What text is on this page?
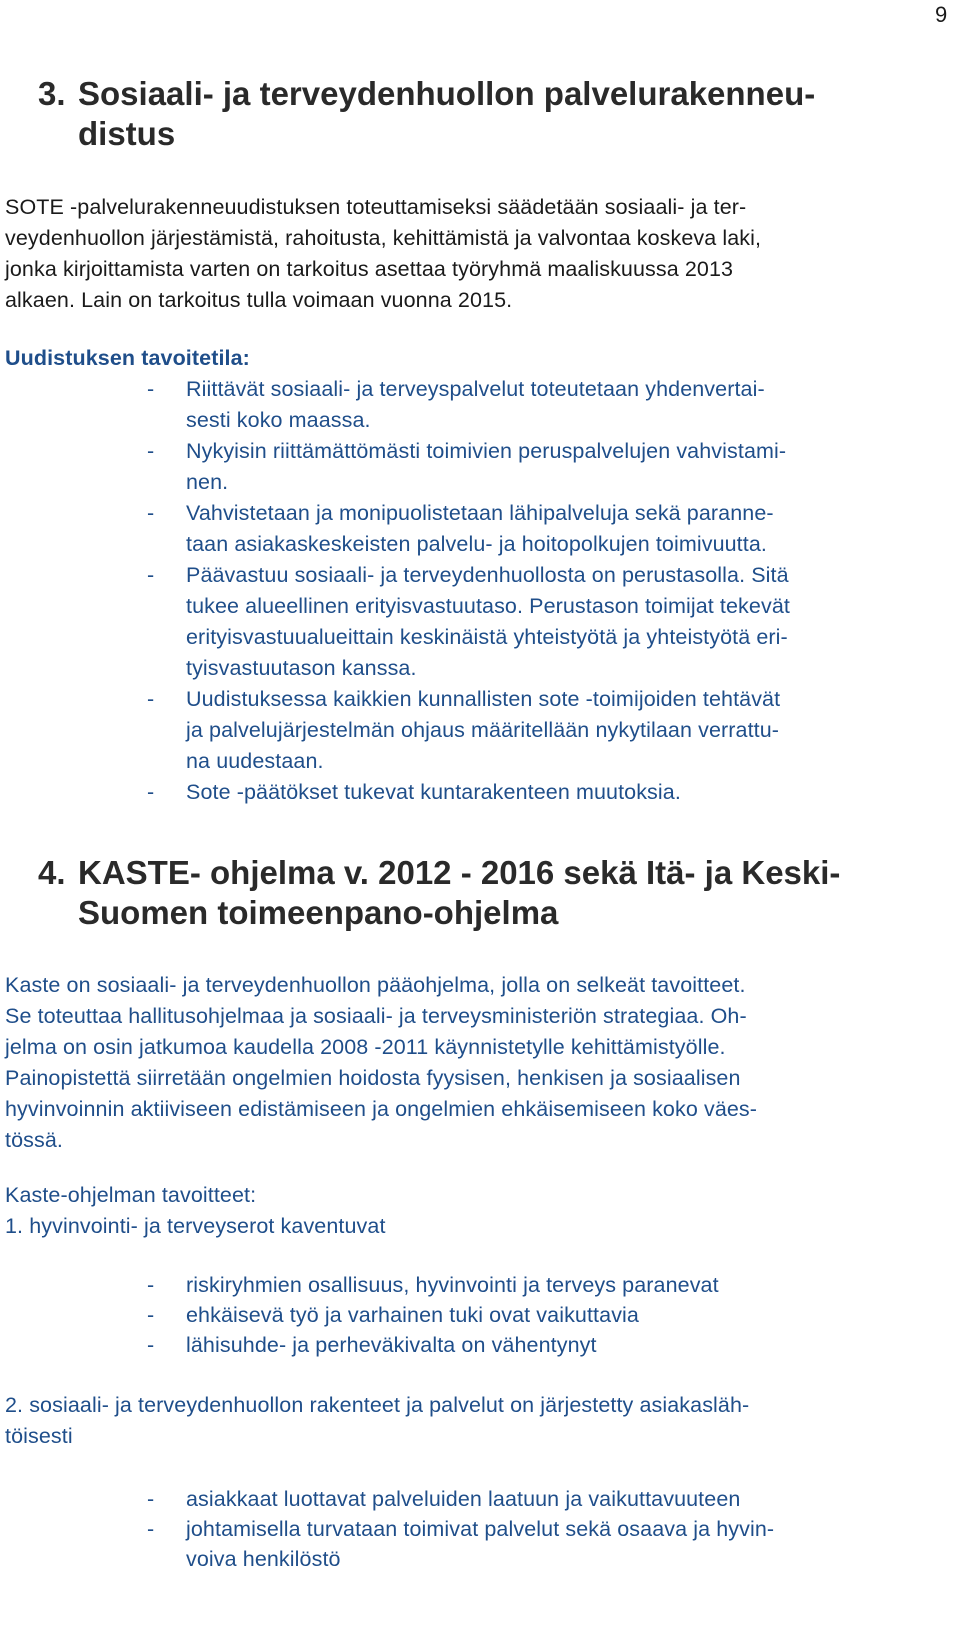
9
3. Sosiaali- ja terveydenhuollon palvelurakenneu-
distus
SOTE -palvelurakenneuudistuksen toteuttamiseksi säädetään sosiaali- ja ter-
veydenhuollon järjestämistä, rahoitusta, kehittämistä ja valvontaa koskeva laki,
jonka kirjoittamista varten on tarkoitus asettaa työryhmä maaliskuussa 2013
alkaen. Lain on tarkoitus tulla voimaan vuonna 2015.
Uudistuksen tavoitetila:
- Riittävät sosiaali- ja terveyspalvelut toteutetaan yhdenvertai-
sesti koko maassa.
- Nykyisin riittämättömästi toimivien peruspalvelujen vahvistami-
nen.
- Vahvistetaan ja monipuolistetaan lähipalveluja sekä paranne-
taan asiakaskeskeisten palvelu- ja hoitopolkujen toimivuutta.
- Päävastuu sosiaali- ja terveydenhuollosta on perustasolla. Sitä
tukee alueellinen erityisvastuutaso. Perustason toimijat tekevät
erityisvastuualueittain keskinäistä yhteistyötä ja yhteistyötä eri-
tyisvastuutason kanssa.
- Uudistuksessa kaikkien kunnallisten sote -toimijoiden tehtävät
ja palvelujärjestelmän ohjaus määritellään nykytilaan verrattu-
na uudestaan.
- Sote -päätökset tukevat kuntarakenteen muutoksia.
4. KASTE- ohjelma v. 2012 - 2016 sekä Itä- ja Keski-
Suomen toimeenpano-ohjelma
Kaste on sosiaali- ja terveydenhuollon pääohjelma, jolla on selkeät tavoitteet.
Se toteuttaa hallitusohjelmaa ja sosiaali- ja terveysministeriön strategiaa. Oh-
jelma on osin jatkumoa kaudella 2008 -2011 käynnistetylle kehittämistyölle.
Painopistettä siirretään ongelmien hoidosta fyysisen, henkisen ja sosiaalisen
hyvinvoinnin aktiiviseen edistämiseen ja ongelmien ehkäisemiseen koko väes-
tössä.
Kaste-ohjelman tavoitteet:
1. hyvinvointi- ja terveyserot kaventuvat
- riskiryhmien osallisuus, hyvinvointi ja terveys paranevat
- ehkäisevä työ ja varhainen tuki ovat vaikuttavia
- lähisuhde- ja perheväkivalta on vähentynyt
2. sosiaali- ja terveydenhuollon rakenteet ja palvelut on järjestetty asiakasläh-
töisesti
- asiakkaat luottavat palveluiden laatuun ja vaikuttavuuteen
- johtamisella turvataan toimivat palvelut sekä osaava ja hyvin-
voiva henkilöstö
